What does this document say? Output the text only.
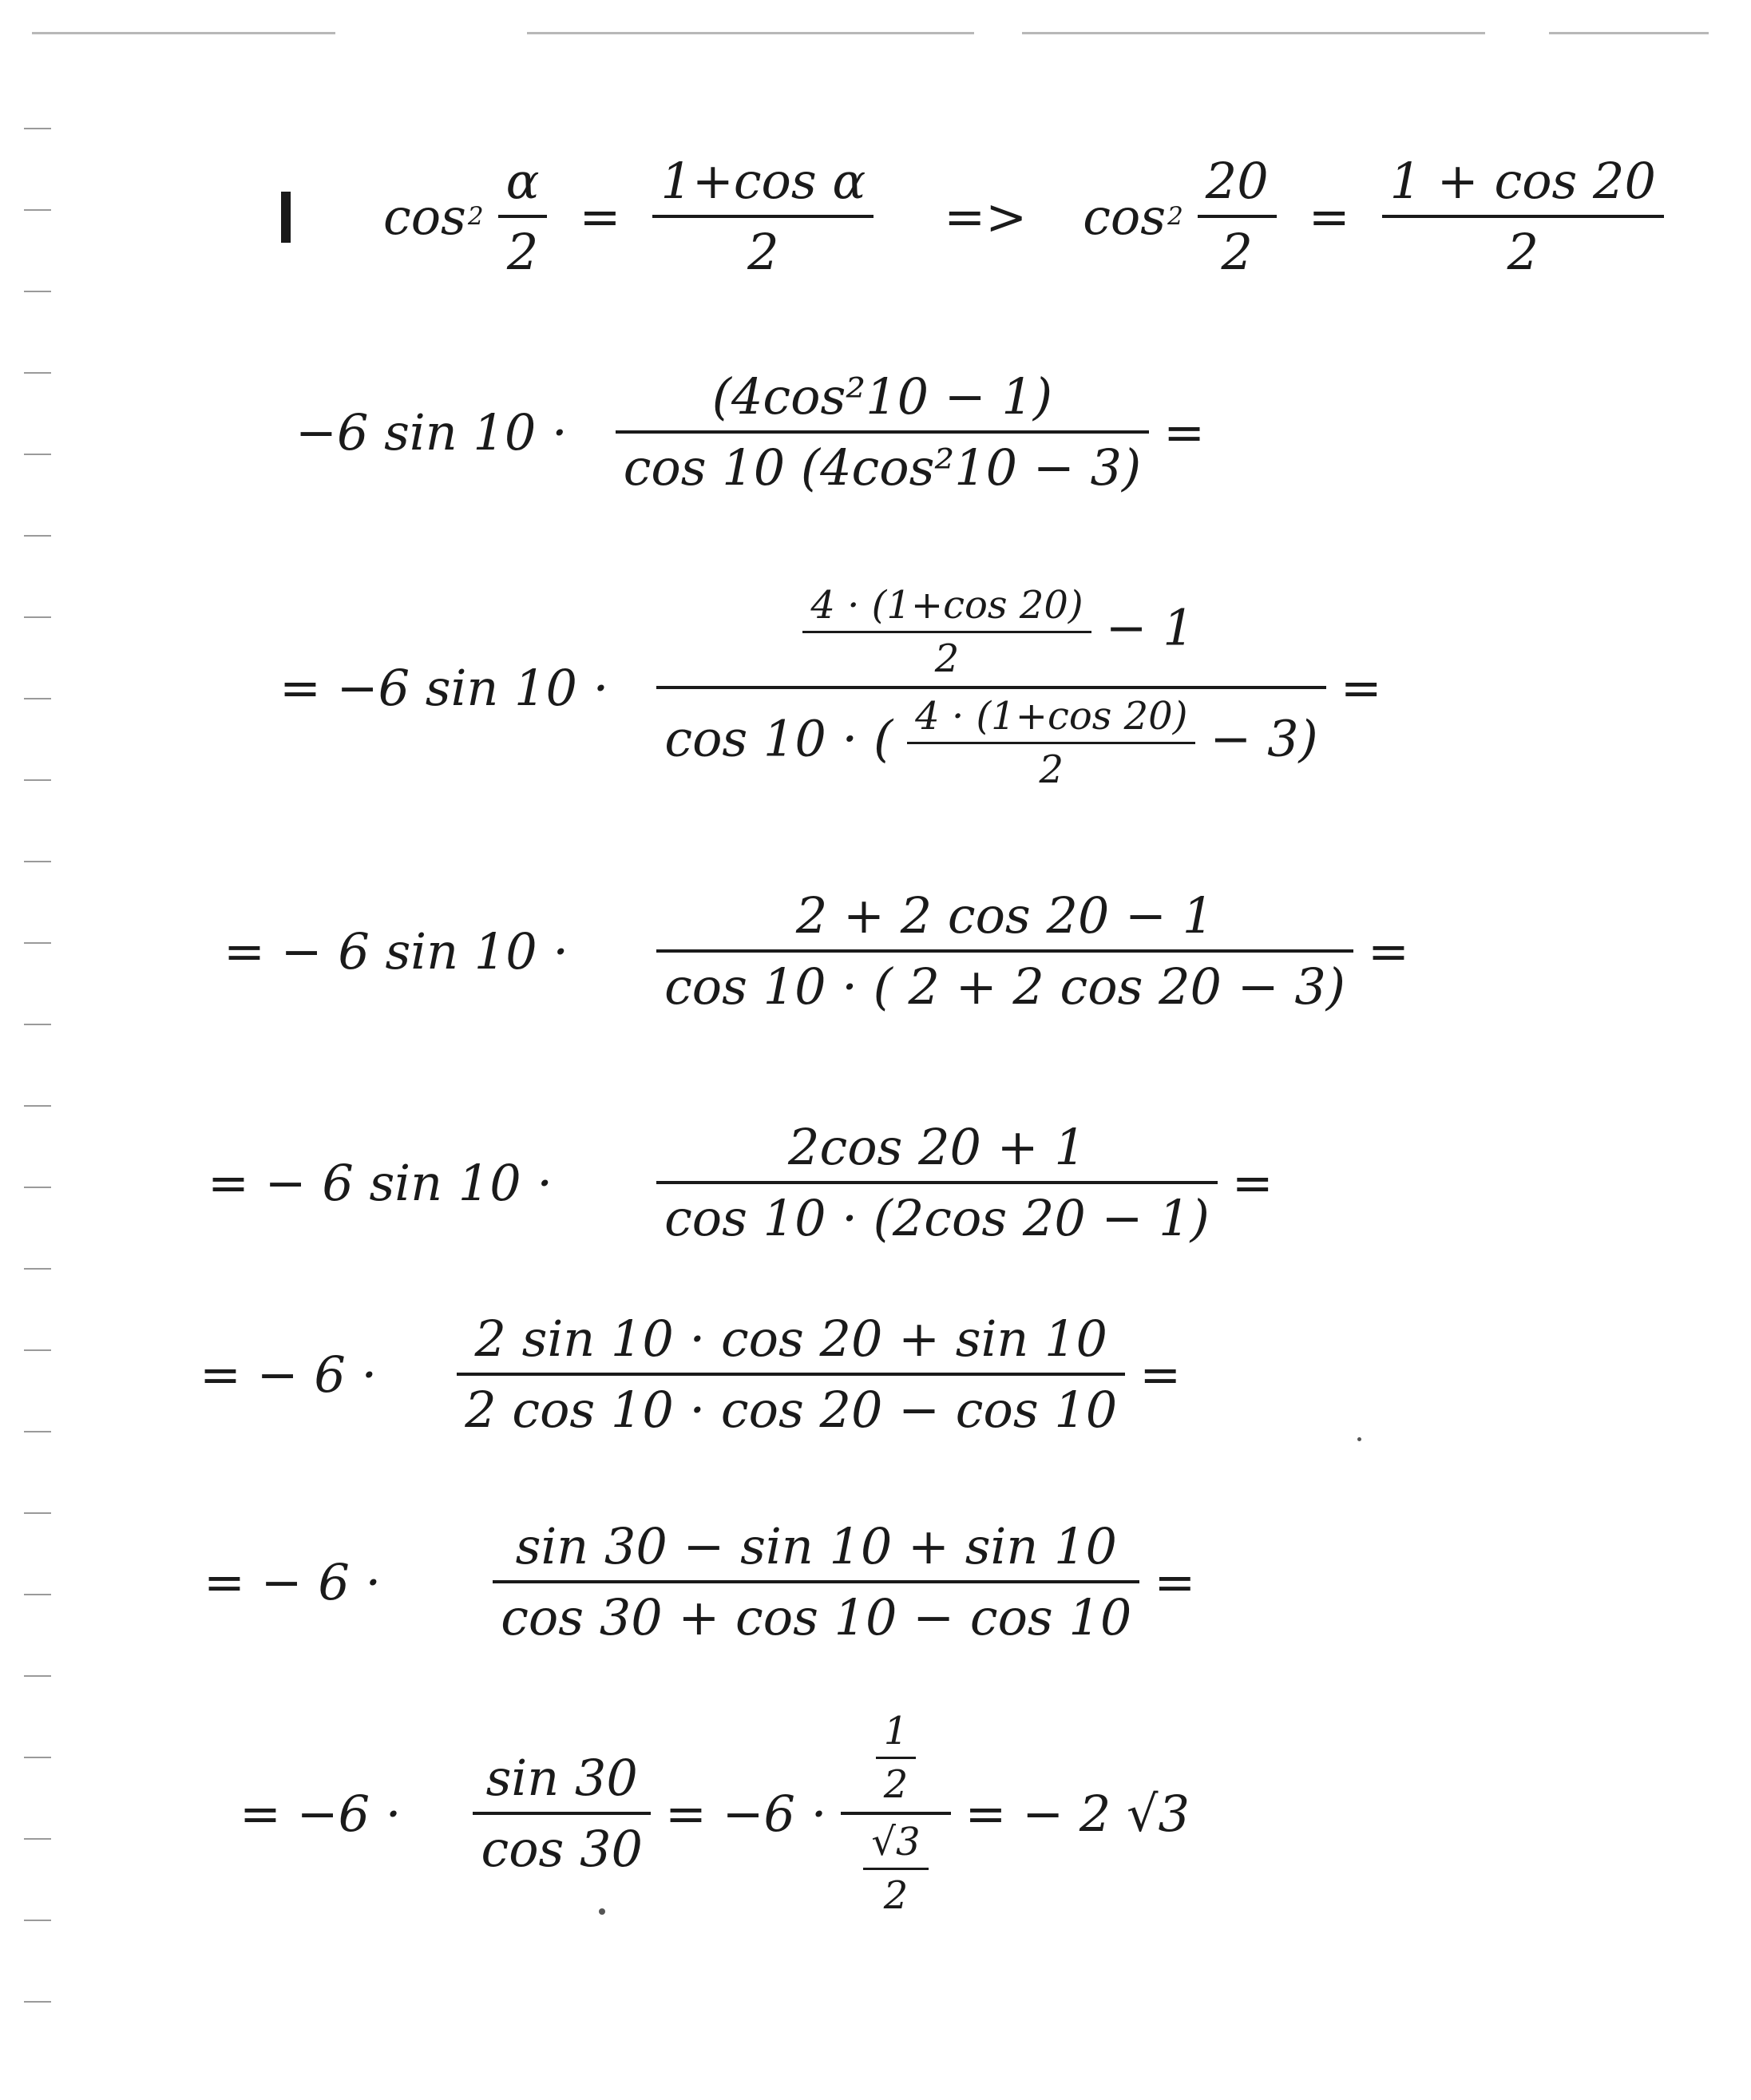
$\cos 2 \frac{\alpha}{2} = \frac{\text{1+cos α}}{2} => \cos 2 \frac{20}{2} = \frac{1 + \cos 20}{2}$
−6 $\sin 10 \cdot \frac{\text{(4cos²10 − 1)}}{\text{cos 10 (4cos²10 − 3)}}$ =
= −6 $\sin 10 \cdot \frac{\frac{4 \cdot (1+\cos 20)}{2} - 1}{\cos 10 \cdot ( \frac{4 \cdot (1+\cos 20)}{2} - 3)}$ =
= − 6 $\sin 10 \cdot \frac{2 + 2 \cos 20 - 1}{\cos 10 \cdot ( 2 + 2 \cos 20 - 3)}$ =
= − 6 $\sin 10 \cdot \frac{2\cos 20 + 1}{\cos 10 \cdot (2\cos 20 - 1)}$ =
= − $6 \cdot \frac{2 \sin 10 \cdot \cos 20 + \sin 10}{2 \cos 10 \cdot \cos 20 - \cos 10}$ =
= − $6 \cdot \frac{\sin 30 - \sin 10 + \sin 10}{\cos 30 + \cos 10 - \cos 10}$ =
= $-6 \cdot \frac{\sin 30}{\cos 30} = -6 \cdot \frac{\frac{1}{2}}{\frac{√3}{2}}$ = − 2 √3
